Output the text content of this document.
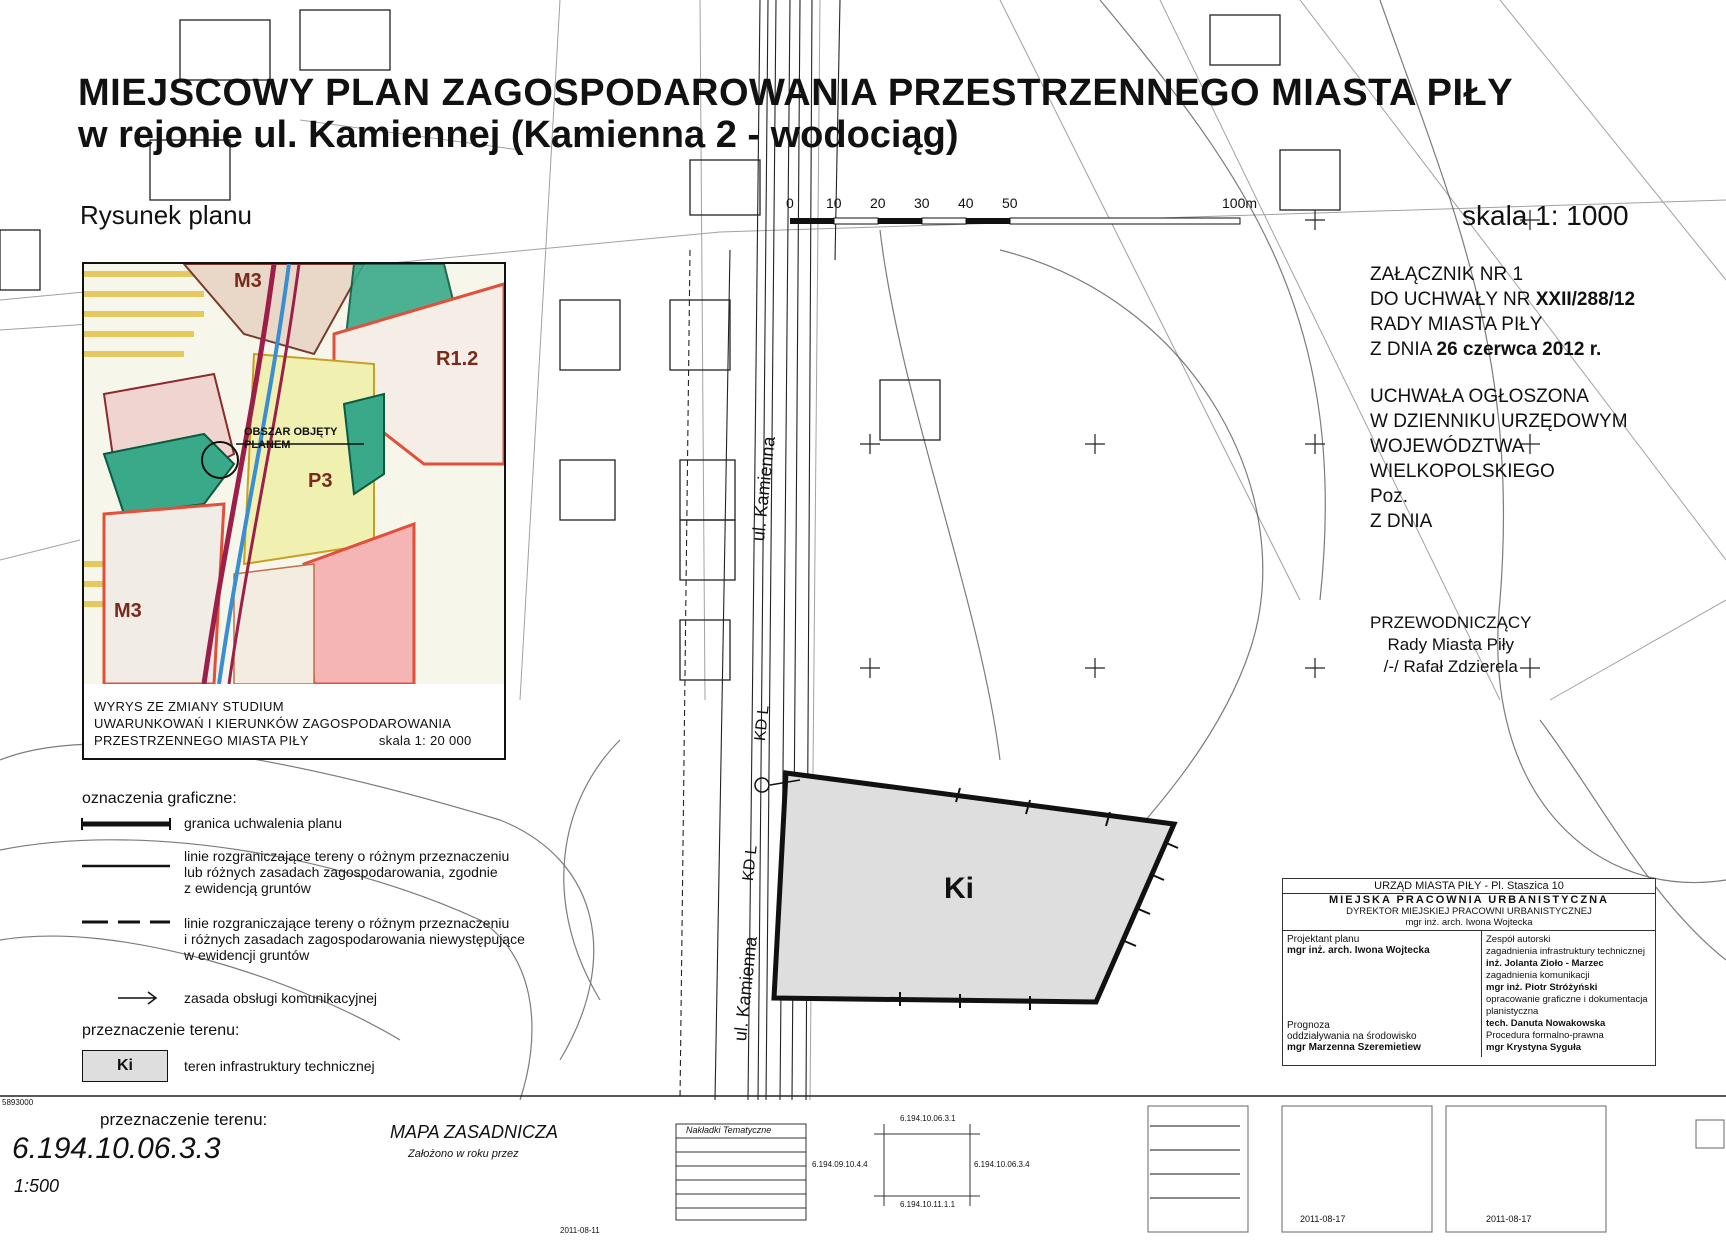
MIEJSCOWY PLAN ZAGOSPODAROWANIA PRZESTRZENNEGO MIASTA PIŁY
w rejonie ul. Kamiennej (Kamienna 2 - wodociąg)
Rysunek planu	skala 1: 1000
0 10 20 30 40 50	100m
ZAŁĄCZNIK NR 1
DO UCHWAŁY NR XXII/288/12
RADY MIASTA PIŁY
Z DNIA 26 czerwca 2012 r.
UCHWAŁA OGŁOSZONA
W DZIENNIKU URZĘDOWYM
WOJEWÓDZTWA
WIELKOPOLSKIEGO
Poz.
Z DNIA
PRZEWODNICZĄCY
Rady Miasta Piły
/-/ Rafał Zdzierela
M3
R1.2
P3
M3
OBSZAR OBJĘTY
PLANEM
WYRYS ZE ZMIANY STUDIUM
UWARUNKOWAŃ I KIERUNKÓW ZAGOSPODAROWANIA
PRZESTRZENNEGO MIASTA PIŁY	skala 1: 20 000
oznaczenia graficzne:
granica uchwalenia planu
linie rozgraniczające tereny o różnym przeznaczeniu
lub różnych zasadach zagospodarowania, zgodnie
z ewidencją gruntów
linie rozgraniczające tereny o różnym przeznaczeniu
i różnych zasadach zagospodarowania niewystępujące
w ewidencji gruntów
zasada obsługi komunikacyjnej
przeznaczenie terenu:
Ki	teren infrastruktury technicznej
Ki
ul. Kamienna
ul. Kamienna
KD L
KD L
URZĄD MIASTA PIŁY - Pl. Staszica 10
MIEJSKA PRACOWNIA URBANISTYCZNA
DYREKTOR MIEJSKIEJ PRACOWNI URBANISTYCZNEJ
mgr inż. arch. Iwona Wojtecka
Projektant planu
mgr inż. arch. Iwona Wojtecka
Prognoza
oddziaływania na środowisko
mgr Marzenna Szeremietiew
Zespół autorski
zagadnienia infrastruktury technicznej
inż. Jolanta Zioło - Marzec
zagadnienia komunikacji
mgr inż. Piotr Stróżyński
opracowanie graficzne i dokumentacja planistyczna
tech. Danuta Nowakowska
Procedura formalno-prawna
mgr Krystyna Syguła
5893000
przeznaczenie terenu:
6.194.10.06.3.3
1:500
MAPA ZASADNICZA
Założono w roku przez
Nakładki Tematyczne
2011-08-11
6.194.10.06.3.1
6.194.09.10.4.4	6.194.10.06.3.4
6.194.10.11.1.1
2011-08-17	2011-08-17
